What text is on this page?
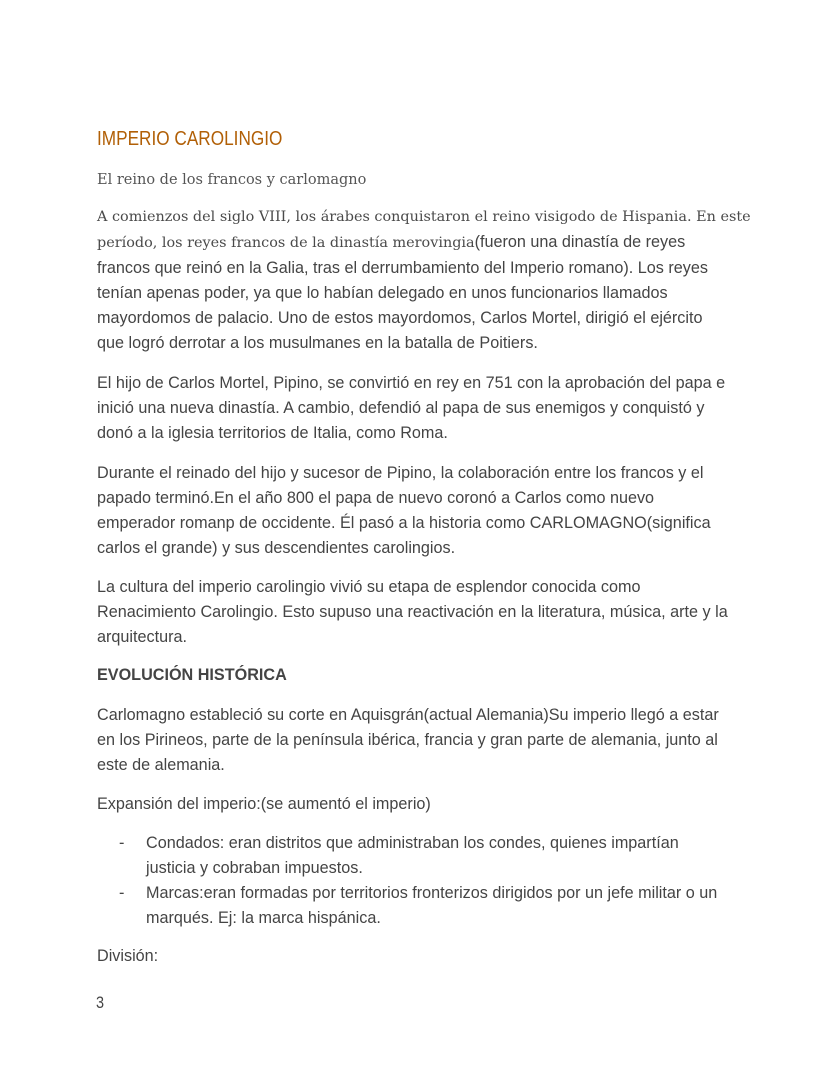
IMPERIO CAROLINGIO

El reino de los francos y carlomagno

A comienzos del siglo VIII, los árabes conquistaron el reino visigodo de Hispania. En este
período, los reyes francos de la dinastía merovingia(fueron una dinastía de reyes
francos que reinó en la Galia, tras el derrumbamiento del Imperio romano). Los reyes
tenían apenas poder, ya que lo habían delegado en unos funcionarios llamados
mayordomos de palacio. Uno de estos mayordomos, Carlos Mortel, dirigió el ejército
que logró derrotar a los musulmanes en la batalla de Poitiers.

El hijo de Carlos Mortel, Pipino, se convirtió en rey en 751 con la aprobación del papa e
inició una nueva dinastía. A cambio, defendió al papa de sus enemigos y conquistó y
donó a la iglesia territorios de Italia, como Roma.

Durante el reinado del hijo y sucesor de Pipino, la colaboración entre los francos y el
papado terminó.En el año 800 el papa de nuevo coronó a Carlos como nuevo
emperador romanp de occidente. Él pasó a la historia como CARLOMAGNO(significa
carlos el grande) y sus descendientes carolingios.

La cultura del imperio carolingio vivió su etapa de esplendor conocida como
Renacimiento Carolingio. Esto supuso una reactivación en la literatura, música, arte y la
arquitectura.

EVOLUCIÓN HISTÓRICA

Carlomagno estableció su corte en Aquisgrán(actual Alemania)Su imperio llegó a estar
en los Pirineos, parte de la península ibérica, francia y gran parte de alemania, junto al
este de alemania.

Expansión del imperio:(se aumentó el imperio)

- Condados: eran distritos que administraban los condes, quienes impartían
justicia y cobraban impuestos.
- Marcas:eran formadas por territorios fronterizos dirigidos por un jefe militar o un
marqués. Ej: la marca hispánica.

División:

3
